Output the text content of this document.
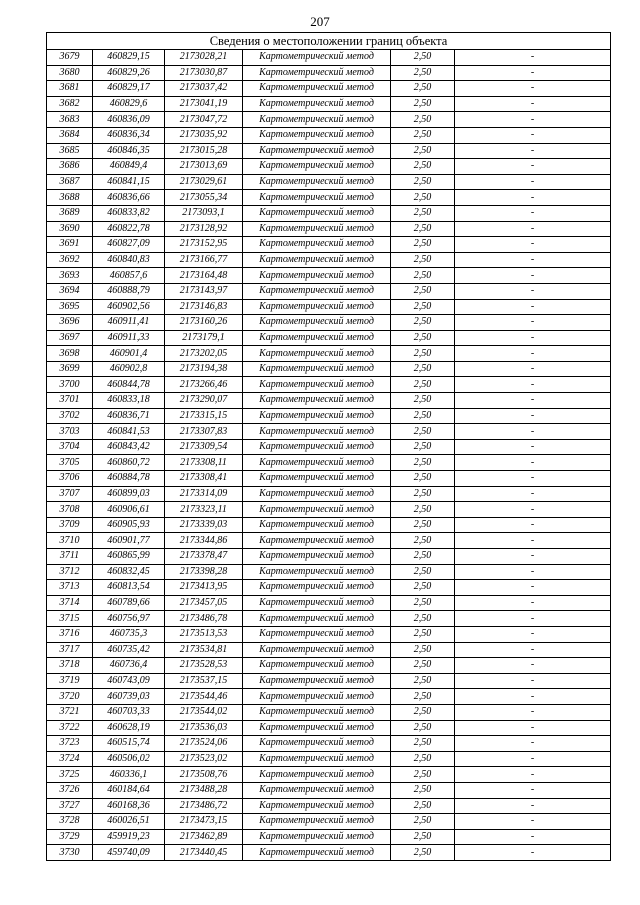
207
Сведения о местоположении границ объекта					
3679	460829,15	2173028,21	Картометрический метод	2,50	-
3680	460829,26	2173030,87	Картометрический метод	2,50	-
3681	460829,17	2173037,42	Картометрический метод	2,50	-
3682	460829,6	2173041,19	Картометрический метод	2,50	-
3683	460836,09	2173047,72	Картометрический метод	2,50	-
3684	460836,34	2173035,92	Картометрический метод	2,50	-
3685	460846,35	2173015,28	Картометрический метод	2,50	-
3686	460849,4	2173013,69	Картометрический метод	2,50	-
3687	460841,15	2173029,61	Картометрический метод	2,50	-
3688	460836,66	2173055,34	Картометрический метод	2,50	-
3689	460833,82	2173093,1	Картометрический метод	2,50	-
3690	460822,78	2173128,92	Картометрический метод	2,50	-
3691	460827,09	2173152,95	Картометрический метод	2,50	-
3692	460840,83	2173166,77	Картометрический метод	2,50	-
3693	460857,6	2173164,48	Картометрический метод	2,50	-
3694	460888,79	2173143,97	Картометрический метод	2,50	-
3695	460902,56	2173146,83	Картометрический метод	2,50	-
3696	460911,41	2173160,26	Картометрический метод	2,50	-
3697	460911,33	2173179,1	Картометрический метод	2,50	-
3698	460901,4	2173202,05	Картометрический метод	2,50	-
3699	460902,8	2173194,38	Картометрический метод	2,50	-
3700	460844,78	2173266,46	Картометрический метод	2,50	-
3701	460833,18	2173290,07	Картометрический метод	2,50	-
3702	460836,71	2173315,15	Картометрический метод	2,50	-
3703	460841,53	2173307,83	Картометрический метод	2,50	-
3704	460843,42	2173309,54	Картометрический метод	2,50	-
3705	460860,72	2173308,11	Картометрический метод	2,50	-
3706	460884,78	2173308,41	Картометрический метод	2,50	-
3707	460899,03	2173314,09	Картометрический метод	2,50	-
3708	460906,61	2173323,11	Картометрический метод	2,50	-
3709	460905,93	2173339,03	Картометрический метод	2,50	-
3710	460901,77	2173344,86	Картометрический метод	2,50	-
3711	460865,99	2173378,47	Картометрический метод	2,50	-
3712	460832,45	2173398,28	Картометрический метод	2,50	-
3713	460813,54	2173413,95	Картометрический метод	2,50	-
3714	460789,66	2173457,05	Картометрический метод	2,50	-
3715	460756,97	2173486,78	Картометрический метод	2,50	-
3716	460735,3	2173513,53	Картометрический метод	2,50	-
3717	460735,42	2173534,81	Картометрический метод	2,50	-
3718	460736,4	2173528,53	Картометрический метод	2,50	-
3719	460743,09	2173537,15	Картометрический метод	2,50	-
3720	460739,03	2173544,46	Картометрический метод	2,50	-
3721	460703,33	2173544,02	Картометрический метод	2,50	-
3722	460628,19	2173536,03	Картометрический метод	2,50	-
3723	460515,74	2173524,06	Картометрический метод	2,50	-
3724	460506,02	2173523,02	Картометрический метод	2,50	-
3725	460336,1	2173508,76	Картометрический метод	2,50	-
3726	460184,64	2173488,28	Картометрический метод	2,50	-
3727	460168,36	2173486,72	Картометрический метод	2,50	-
3728	460026,51	2173473,15	Картометрический метод	2,50	-
3729	459919,23	2173462,89	Картометрический метод	2,50	-
3730	459740,09	2173440,45	Картометрический метод	2,50	-
